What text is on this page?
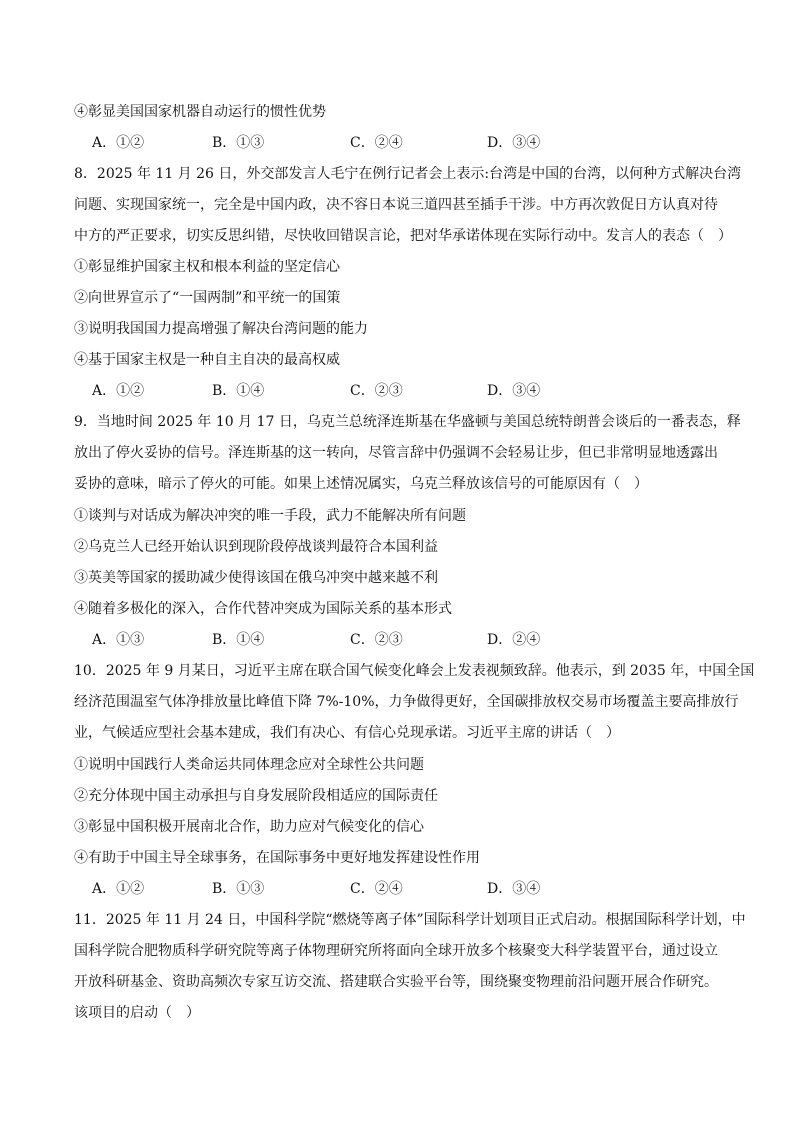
④彰显美国国家机器自动运行的惯性优势
A．①②	B．①③	C．②④	D．③④
8．2025 年 11 月 26 日，外交部发言人毛宁在例行记者会上表示:台湾是中国的台湾，以何种方式解决台湾
问题、实现国家统一，完全是中国内政，决不容日本说三道四甚至插手干涉。中方再次敦促日方认真对待
中方的严正要求，切实反思纠错，尽快收回错误言论，把对华承诺体现在实际行动中。发言人的表态（　）
①彰显维护国家主权和根本利益的坚定信心
②向世界宣示了“一国两制”和平统一的国策
③说明我国国力提高增强了解决台湾问题的能力
④基于国家主权是一种自主自决的最高权威
A．①②	B．①④	C．②③	D．③④
9．当地时间 2025 年 10 月 17 日，乌克兰总统泽连斯基在华盛顿与美国总统特朗普会谈后的一番表态，释
放出了停火妥协的信号。泽连斯基的这一转向，尽管言辞中仍强调不会轻易让步，但已非常明显地透露出
妥协的意味，暗示了停火的可能。如果上述情况属实，乌克兰释放该信号的可能原因有（　）
①谈判与对话成为解决冲突的唯一手段，武力不能解决所有问题
②乌克兰人已经开始认识到现阶段停战谈判最符合本国利益
③英美等国家的援助减少使得该国在俄乌冲突中越来越不利
④随着多极化的深入，合作代替冲突成为国际关系的基本形式
A．①③	B．①④	C．②③	D．②④
10．2025 年 9 月某日，习近平主席在联合国气候变化峰会上发表视频致辞。他表示，到 2035 年，中国全国
经济范围温室气体净排放量比峰值下降 7%-10%，力争做得更好，全国碳排放权交易市场覆盖主要高排放行
业，气候适应型社会基本建成，我们有决心、有信心兑现承诺。习近平主席的讲话（　）
①说明中国践行人类命运共同体理念应对全球性公共问题
②充分体现中国主动承担与自身发展阶段相适应的国际责任
③彰显中国积极开展南北合作，助力应对气候变化的信心
④有助于中国主导全球事务，在国际事务中更好地发挥建设性作用
A．①②	B．①③	C．②④	D．③④
11．2025 年 11 月 24 日，中国科学院“燃烧等离子体”国际科学计划项目正式启动。根据国际科学计划，中
国科学院合肥物质科学研究院等离子体物理研究所将面向全球开放多个核聚变大科学装置平台，通过设立
开放科研基金、资助高频次专家互访交流、搭建联合实验平台等，围绕聚变物理前沿问题开展合作研究。
该项目的启动（　）
